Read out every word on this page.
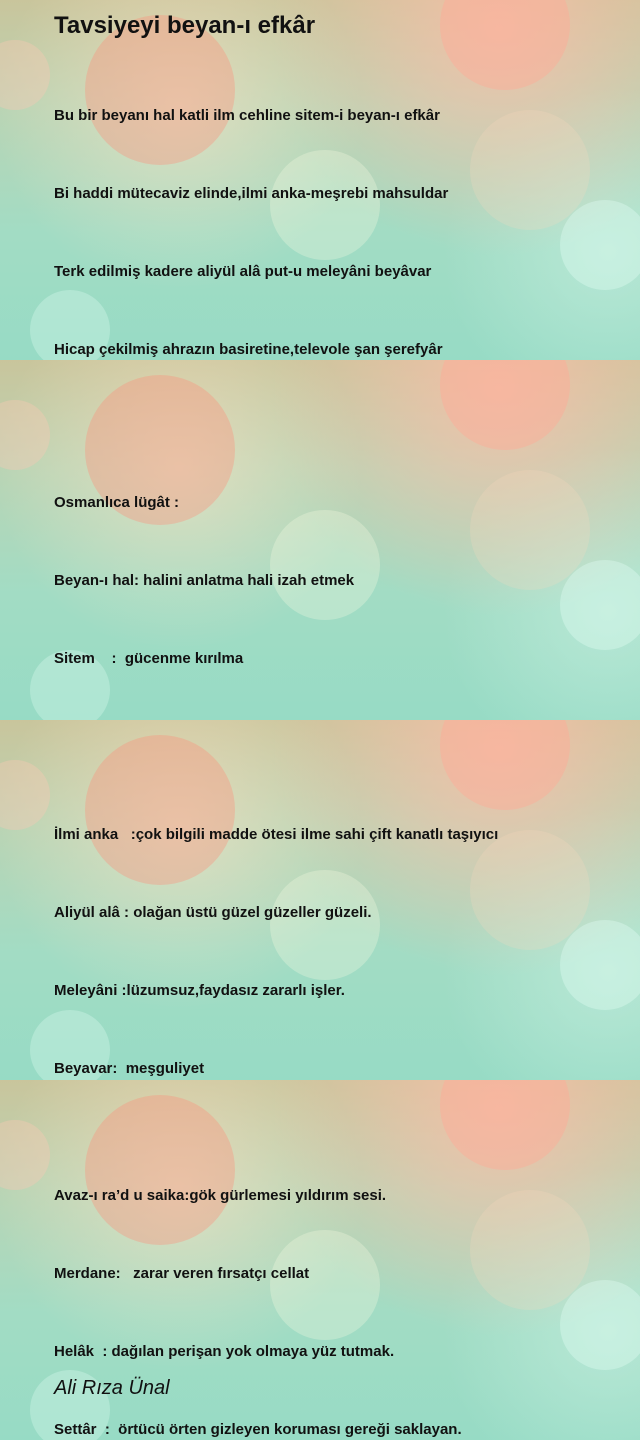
Tavsiyeyi beyan-ı efkâr

Bu bir beyanı hal katli ilm cehline sitem-i beyan-ı efkâr

Bi haddi mütecaviz elinde,ilmi anka-meşrebi mahsuldar

Terk edilmiş kadere aliyül alâ put-u meleyâni beyâvar

Hicap çekilmiş ahrazın basiretine,televole şan şerefyâr

Osmanlıca lügât :

Beyan-ı hal: halini anlatma hali izah etmek

Sitem    :  gücenme kırılma

İlmi anka   :çok bilgili madde ötesi ilme sahi çift kanatlı taşıyıcı

Aliyül alâ : olağan üstü güzel güzeller güzeli.

Meleyâni :lüzumsuz,faydasız zararlı işler.

Beyavar:  meşguliyet

Avaz-ı ra’d u saika:gök gürlemesi yıldırım sesi.

Merdane:   zarar veren fırsatçı cellat

Helâk  : dağılan perişan yok olmaya yüz tutmak.

Settâr  :  örtücü örten gizleyen koruması gereği saklayan.

Ali Rıza Ünal
